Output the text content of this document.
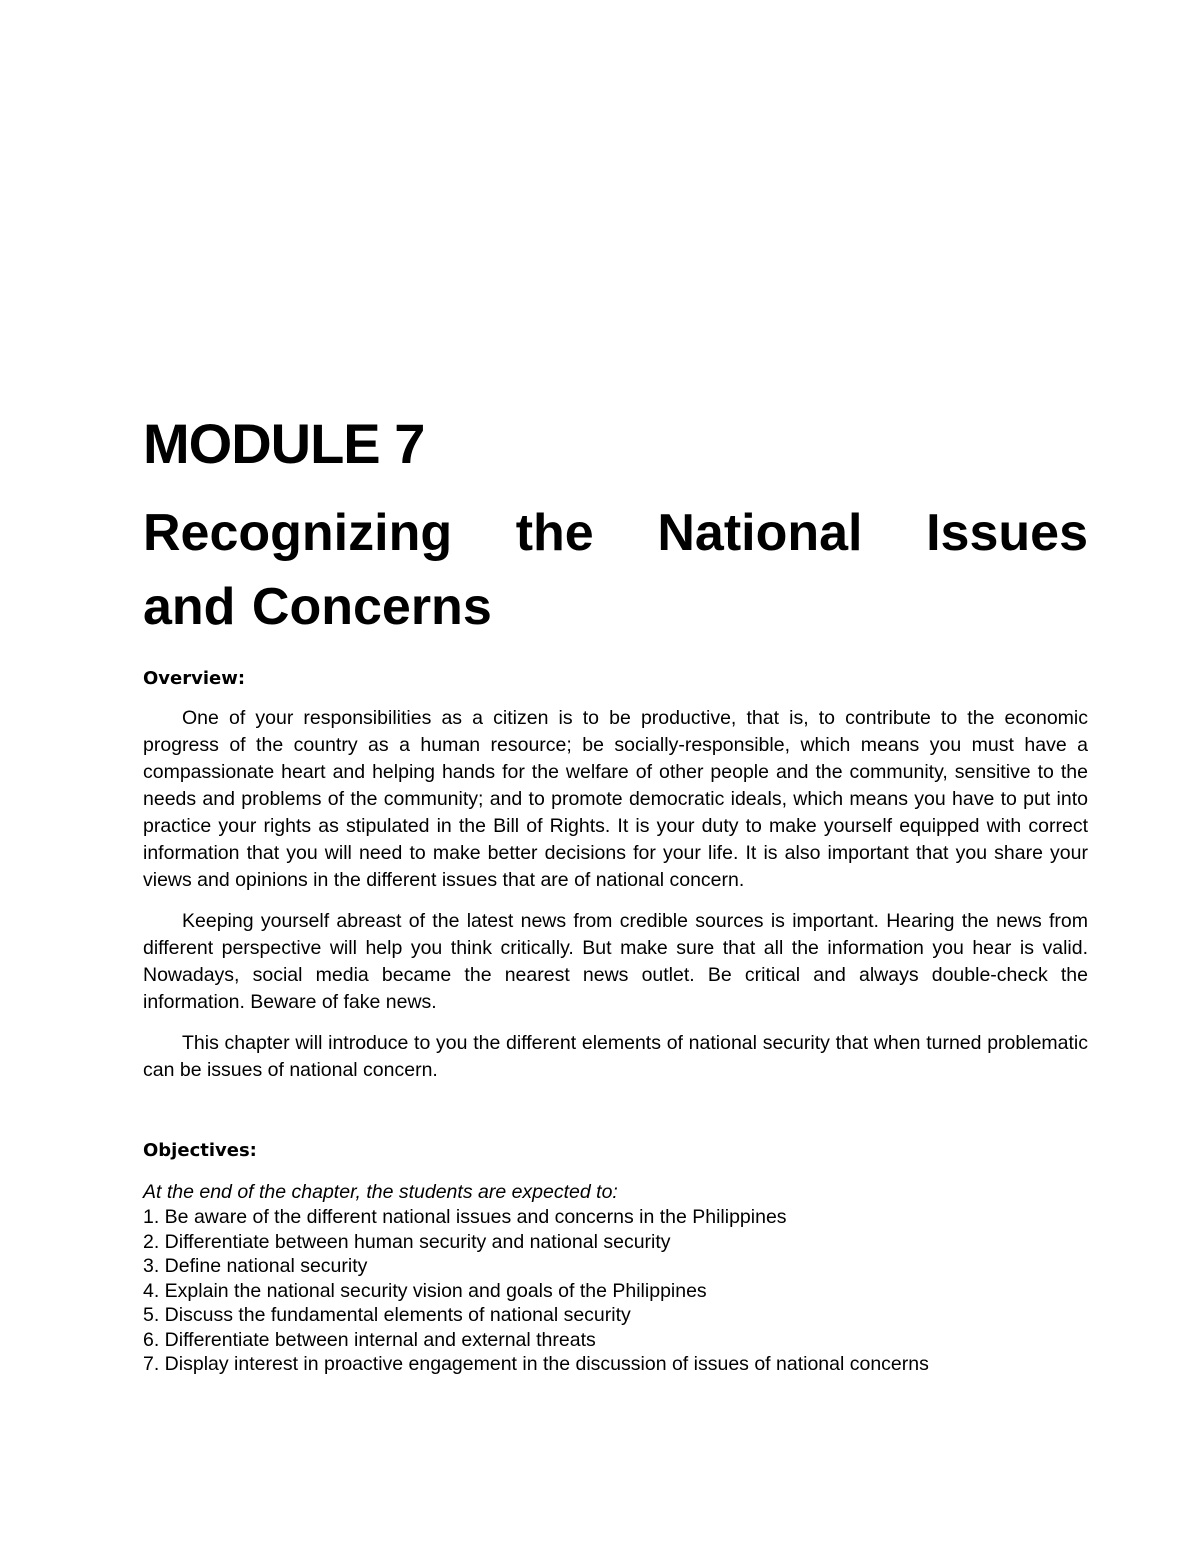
MODULE 7
Recognizing the National Issues
and Concerns
Overview:

One of your responsibilities as a citizen is to be productive, that is, to contribute to the economic progress of the country as a human resource; be socially-responsible, which means you must have a compassionate heart and helping hands for the welfare of other people and the community, sensitive to the needs and problems of the community; and to promote democratic ideals, which means you have to put into practice your rights as stipulated in the Bill of Rights. It is your duty to make yourself equipped with correct information that you will need to make better decisions for your life. It is also important that you share your views and opinions in the different issues that are of national concern.

Keeping yourself abreast of the latest news from credible sources is important. Hearing the news from different perspective will help you think critically. But make sure that all the information you hear is valid. Nowadays, social media became the nearest news outlet. Be critical and always double-check the information. Beware of fake news.

This chapter will introduce to you the different elements of national security that when turned problematic can be issues of national concern.

Objectives:

At the end of the chapter, the students are expected to:

1. Be aware of the different national issues and concerns in the Philippines
2. Differentiate between human security and national security
3. Define national security
4. Explain the national security vision and goals of the Philippines
5. Discuss the fundamental elements of national security
6. Differentiate between internal and external threats
7. Display interest in proactive engagement in the discussion of issues of national concerns
